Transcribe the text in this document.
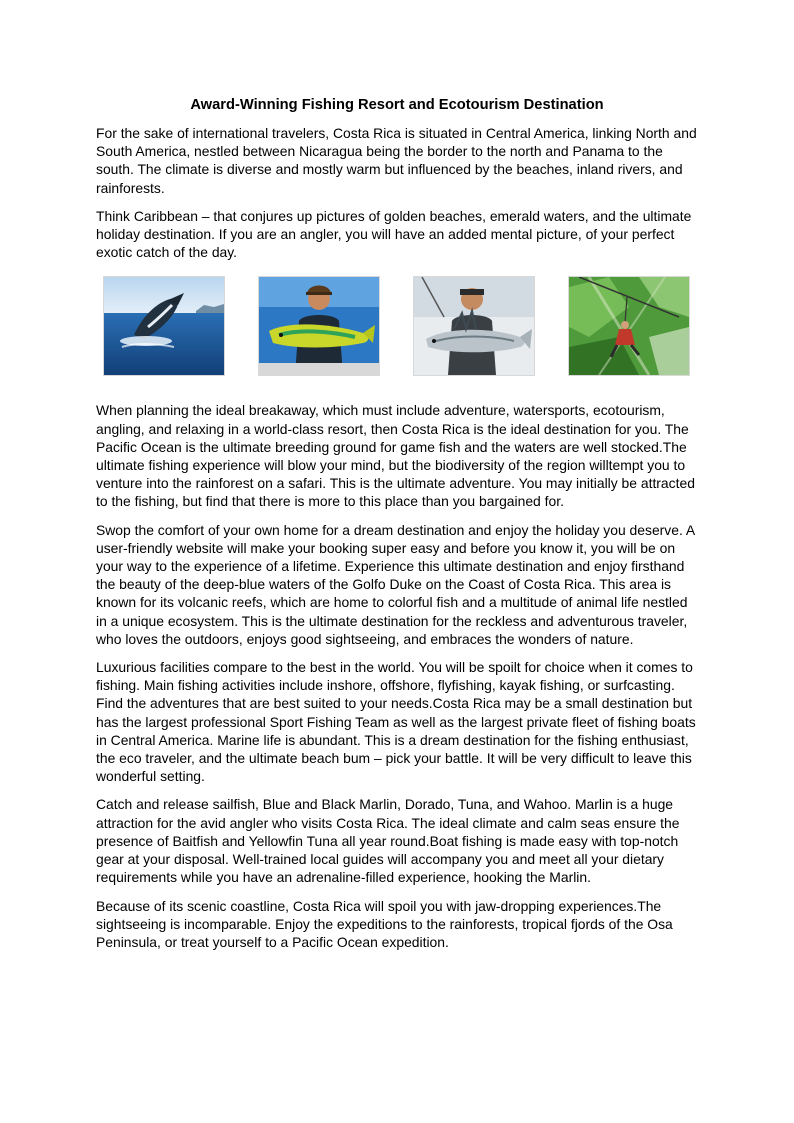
Award-Winning Fishing Resort and Ecotourism Destination

For the sake of international travelers, Costa Rica is situated in Central America, linking North and South America, nestled between Nicaragua being the border to the north and Panama to the south. The climate is diverse and mostly warm but influenced by the beaches, inland rivers, and rainforests.

Think Caribbean – that conjures up pictures of golden beaches, emerald waters, and the ultimate holiday destination. If you are an angler, you will have an added mental picture, of your perfect exotic catch of the day.

When planning the ideal breakaway, which must include adventure, watersports, ecotourism, angling, and relaxing in a world-class resort, then Costa Rica is the ideal destination for you. The Pacific Ocean is the ultimate breeding ground for game fish and the waters are well stocked.The ultimate fishing experience will blow your mind, but the biodiversity of the region willtempt you to venture into the rainforest on a safari. This is the ultimate adventure. You may initially be attracted to the fishing, but find that there is more to this place than you bargained for.

Swop the comfort of your own home for a dream destination and enjoy the holiday you deserve. A user-friendly website will make your booking super easy and before you know it, you will be on your way to the experience of a lifetime. Experience this ultimate destination and enjoy firsthand the beauty of the deep-blue waters of the Golfo Duke on the Coast of Costa Rica. This area is known for its volcanic reefs, which are home to colorful fish and a multitude of animal life nestled in a unique ecosystem. This is the ultimate destination for the reckless and adventurous traveler, who loves the outdoors, enjoys good sightseeing, and embraces the wonders of nature.

Luxurious facilities compare to the best in the world. You will be spoilt for choice when it comes to fishing. Main fishing activities include inshore, offshore, flyfishing, kayak fishing, or surfcasting. Find the adventures that are best suited to your needs.Costa Rica may be a small destination but has the largest professional Sport Fishing Team as well as the largest private fleet of fishing boats in Central America. Marine life is abundant. This is a dream destination for the fishing enthusiast, the eco traveler, and the ultimate beach bum – pick your battle. It will be very difficult to leave this wonderful setting.

Catch and release sailfish, Blue and Black Marlin, Dorado, Tuna, and Wahoo. Marlin is a huge attraction for the avid angler who visits Costa Rica. The ideal climate and calm seas ensure the presence of Baitfish and Yellowfin Tuna all year round.Boat fishing is made easy with top-notch gear at your disposal. Well-trained local guides will accompany you and meet all your dietary requirements while you have an adrenaline-filled experience, hooking the Marlin.

Because of its scenic coastline, Costa Rica will spoil you with jaw-dropping experiences.The sightseeing is incomparable. Enjoy the expeditions to the rainforests, tropical fjords of the Osa Peninsula, or treat yourself to a Pacific Ocean expedition.
